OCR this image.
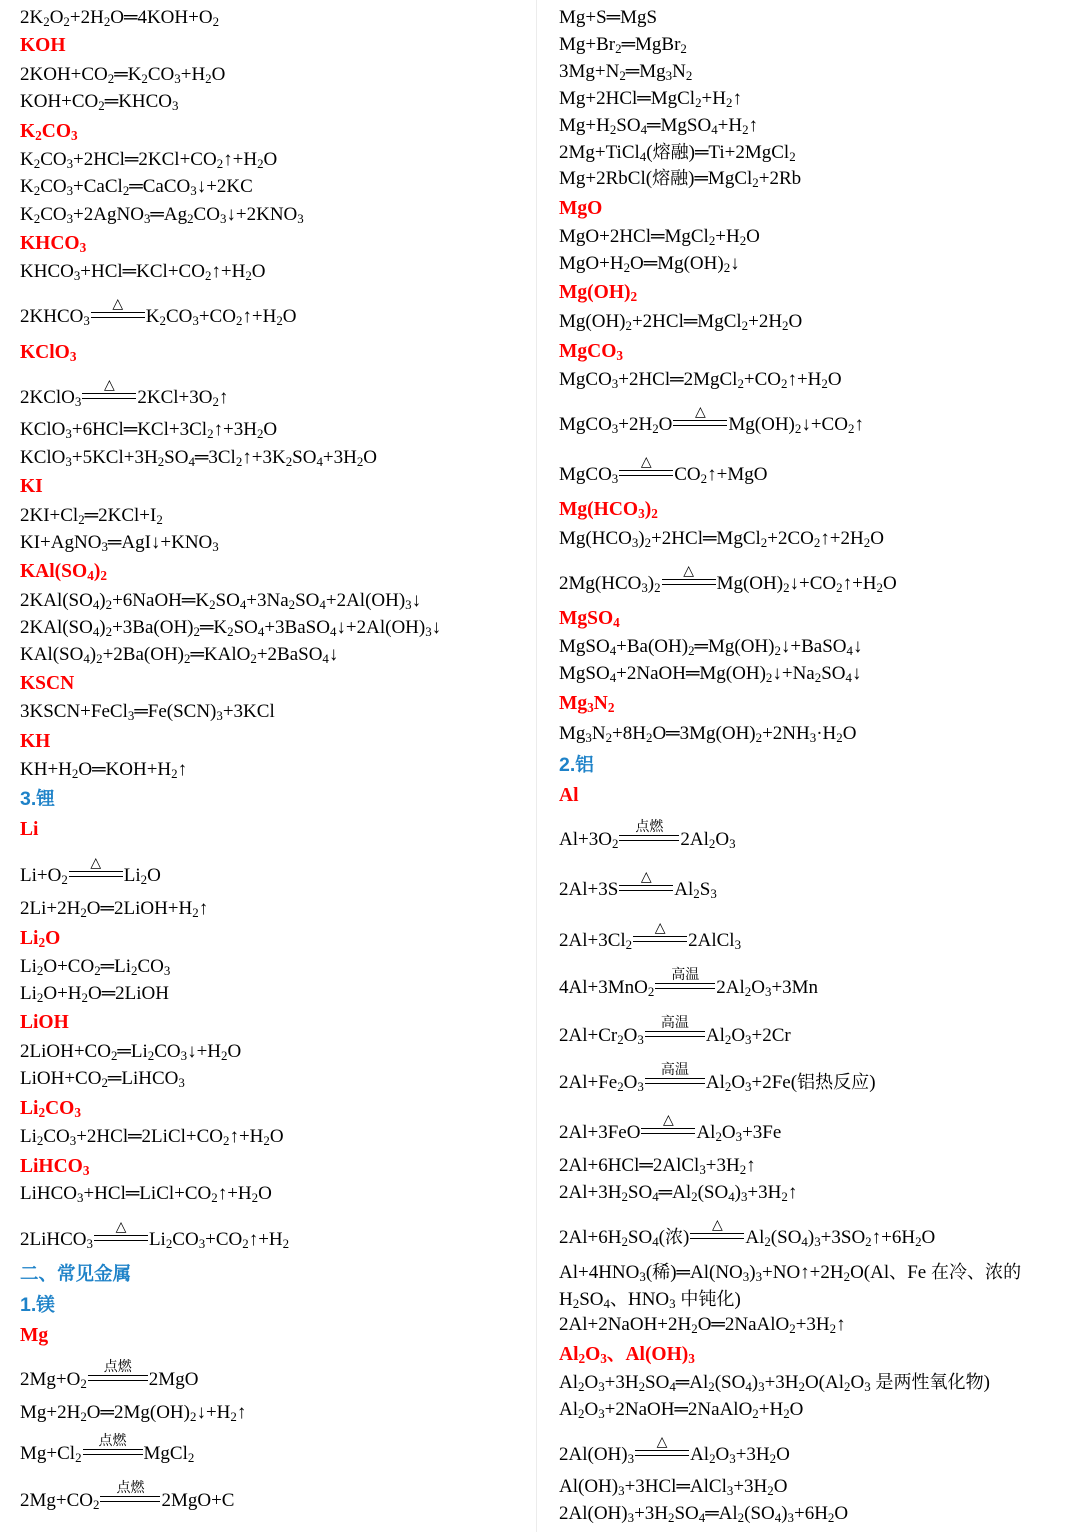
$2K_2O_2+2H_2O═4KOH+O_2$
KOH
$2KOH+CO_2═K_2CO_3+H_2O$
$KOH+CO_2═KHCO_3$
$K_2CO_3$
$K_2CO_3+2HCl═2KCl+CO_2↑+H_2O$
$K_2CO_3+CaCl_2═CaCO_3↓+2KC$
$K_2CO_3+2AgNO_3═Ag_2CO_3↓+2KNO_3$
$KHCO_3$
$KHCO_3+HCl═KCl+CO_2↑+H_2O$
$2KHCO_3$
△
$K_2CO_3+CO_2↑+H_2O$
KClO$_3$
2KClO$_3$
△
$2KCl+3O_2↑$
$KClO_3+6HCl═KCl+3Cl_2↑+3H_2O$
$KClO_3+5KCl+3H_2SO_4═3Cl_2↑+3K_2SO_4+3H_2O$
KI
$2KI+Cl_2═2KCl+I_2$
$KI+AgNO_3═AgI↓+KNO_3$
$KAl(SO_4)_2$
$2KAl(SO_4)_2+6NaOH═K_2SO_4+3Na_2SO_4+2Al(OH)_3↓$
$2KAl(SO_4)_2+3Ba(OH)_2═K_2SO_4+3BaSO_4↓+2Al(OH)_3↓$
$KAl(SO_4)_2+2Ba(OH)_2═KAlO_2+2BaSO_4↓$
KSCN
$3KSCN+FeCl_3═Fe(SCN)_3+3KCl$
KH
$KH+H_2O═KOH+H_2↑$
3.锂
Li
$Li+O_2$
△
$Li_2O$
$2Li+2H_2O═2LiOH+H_2↑$
$Li_2O$
$Li_2O+CO_2═Li_2CO_3$
$Li_2O+H_2O═2LiOH$
LiOH
$2LiOH+CO_2═Li_2CO_3↓+H_2O$
$LiOH+CO_2═LiHCO_3$
$Li_2CO_3$
$Li_2CO_3+2HCl═2LiCl+CO_2↑+H_2O$
LiHCO$_3$
$LiHCO_3+HCl═LiCl+CO_2↑+H_2O$
2LiHCO$_3$
△
$Li_2CO_3+CO_2↑+H_2$
二、常见金属
1.镁
Mg
$2Mg+O_2$
点燃
2MgO
$Mg+2H_2O═2Mg(OH)_2↓+H_2↑$
$Mg+Cl_2$
点燃
MgCl$_2$
$2Mg+CO_2$
点燃
2MgO+C
Mg+S═MgS
$Mg+Br_2═MgBr_2$
$3Mg+N_2═Mg_3N_2$
$Mg+2HCl═MgCl_2+H_2↑$
$Mg+H_2SO_4═MgSO_4+H_2↑$
2Mg+TiCl$_4$(熔融)═Ti+2MgCl$_2$
Mg+2RbCl(熔融)═MgCl$_2$+2Rb
MgO
$MgO+2HCl═MgCl_2+H_2O$
$MgO+H_2O═Mg(OH)_2↓$
$Mg(OH)_2$
$Mg(OH)_2+2HCl═MgCl_2+2H_2O$
MgCO$_3$
$MgCO_3+2HCl═2MgCl_2+CO_2↑+H_2O$
$MgCO_3+2H_2O$
△
$Mg(OH)_2↓+CO_2↑$
MgCO$_3$
△
$CO_2↑+MgO$
$Mg(HCO_3)_2$
$Mg(HCO_3)_2+2HCl═MgCl_2+2CO_2↑+2H_2O$
$2Mg(HCO_3)_2$
△
$Mg(OH)_2↓+CO_2↑+H_2O$
MgSO$_4$
$MgSO_4+Ba(OH)_2═Mg(OH)_2↓+BaSO_4↓$
$MgSO_4+2NaOH═Mg(OH)_2↓+Na_2SO_4↓$
$Mg_3N_2$
$Mg_3N_2+8H_2O═3Mg(OH)_2+2NH_3\cdot H_2O$
2.铝
Al
$Al+3O_2$
点燃
$2Al_2O_3$
2Al+3S
△
$Al_2S_3$
$2Al+3Cl_2$
△
2AlCl$_3$
4Al+3MnO$_2$
高温
$2Al_2O_3+3Mn$
$2Al+Cr_2O_3$
高温
$Al_2O_3+2Cr$
$2Al+Fe_2O_3$
高温
$Al_2O_3+2Fe$(铝热反应)
2Al+3FeO
△
$Al_2O_3+3Fe$
$2Al+6HCl═2AlCl_3+3H_2↑$
$2Al+3H_2SO_4═Al_2(SO_4)_3+3H_2↑$
$2Al+6H_2SO_4$(浓)
△
$Al_2(SO_4)_3+3SO_2↑+6H_2O$
$Al+4HNO_3$(稀)$═Al(NO_3)_3+NO↑+2H_2O(Al$、Fe 在冷、浓的 $H_2SO_4$、$HNO_3$ 中钝化)
$2Al+2NaOH+2H_2O═2NaAlO_2+3H_2↑$
$Al_2O_3$、$Al(OH)_3$
$Al_2O_3+3H_2SO_4═Al_2(SO_4)_3+3H_2O(Al_2O_3$ 是两性氧化物)
$Al_2O_3+2NaOH═2NaAlO_2+H_2O$
$2Al(OH)_3$
△
$Al_2O_3+3H_2O$
$Al(OH)_3+3HCl═AlCl_3+3H_2O$
$2Al(OH)_3+3H_2SO_4═Al_2(SO_4)_3+6H_2O$
